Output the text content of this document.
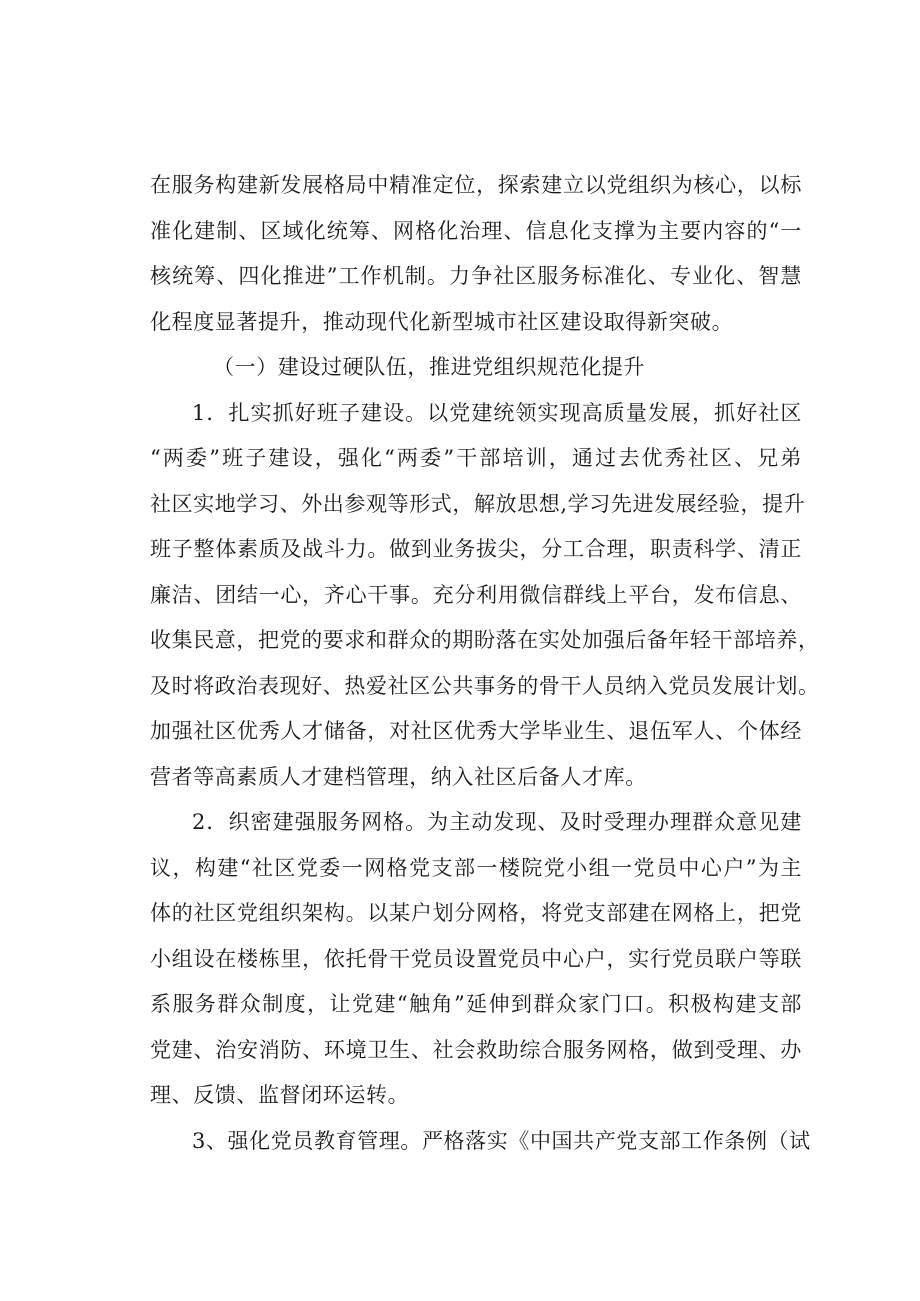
在服务构建新发展格局中精准定位，探索建立以党组织为核心，以标
准化建制、区域化统筹、网格化治理、信息化支撑为主要内容的“一
核统筹、四化推进”工作机制。力争社区服务标准化、专业化、智慧
化程度显著提升，推动现代化新型城市社区建设取得新突破。
（一）建设过硬队伍，推进党组织规范化提升
1．扎实抓好班子建设。以党建统领实现高质量发展，抓好社区
“两委”班子建设，强化“两委”干部培训，通过去优秀社区、兄弟
社区实地学习、外出参观等形式，解放思想,学习先进发展经验，提升
班子整体素质及战斗力。做到业务拔尖，分工合理，职责科学、清正
廉洁、团结一心，齐心干事。充分利用微信群线上平台，发布信息、
收集民意，把党的要求和群众的期盼落在实处加强后备年轻干部培养，
及时将政治表现好、热爱社区公共事务的骨干人员纳入党员发展计划。
加强社区优秀人才储备，对社区优秀大学毕业生、退伍军人、个体经
营者等高素质人才建档管理，纳入社区后备人才库。
2．织密建强服务网格。为主动发现、及时受理办理群众意见建
议，构建“社区党委一网格党支部一楼院党小组一党员中心户”为主
体的社区党组织架构。以某户划分网格，将党支部建在网格上，把党
小组设在楼栋里，依托骨干党员设置党员中心户，实行党员联户等联
系服务群众制度，让党建“触角”延伸到群众家门口。积极构建支部
党建、治安消防、环境卫生、社会救助综合服务网格，做到受理、办
理、反馈、监督闭环运转。
3、强化党员教育管理。严格落实《中国共产党支部工作条例（试
